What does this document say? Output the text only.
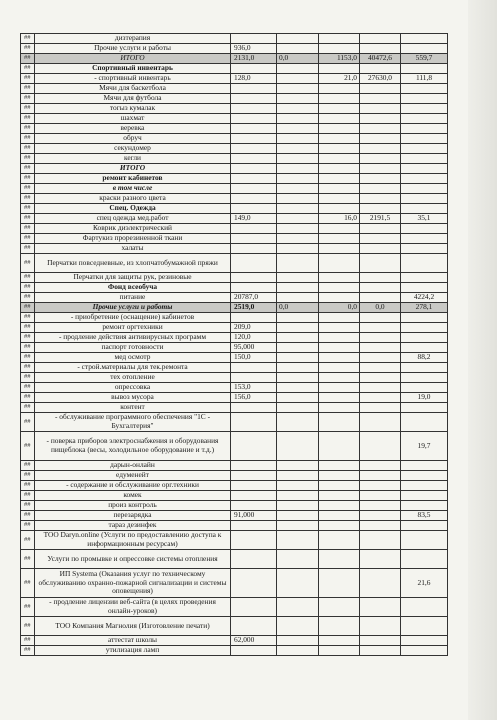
##	дизтерапия					
##	Прочие услуги и работы	936,0				
##	ИТОГО	2131,0	0,0	1153,0	40472,6	559,7
##	Спортивный инвентарь					
##	- спортивный инвентарь	128,0		21,0	27630,0	111,8
##	Мячи для баскетбола					
##	Мячи для футбола					
##	тогыз кумалак					
##	шахмат					
##	веревка					
##	обруч					
##	секундомер					
##	кегли					
##	ИТОГО					
##	ремонт кабинетов					
##	в том числе					
##	краски разного цвета					
##	Спец. Одежда					
##	спец одежда мед.работ	149,0		16,0	2191,5	35,1
##	Коврик диэлектрический					
##	Фартукиз прорезиненной ткани					
##	халаты					
##	Перчатки повседневные, из хлопчатобумажной пряжи					
##	Перчатки для защиты рук, резиновые					
##	Фонд всеобуча					
##	питание	20787,0				4224,2
##	Прочие услуги и работы	2519,0	0,0	0,0	0,0	278,1
##	- приобретение (оснащение) кабинетов					
##	ремонт оргтехники	209,0				
##	- продление действия антивирусных программ	120,0				
##	паспорт готовности	95,000				
##	мед осмотр	150,0				88,2
##	- строй.материалы для тек.ремонта					
##	тех отопление					
##	опрессовка	153,0				
##	вывоз мусора	156,0				19,0
##	контент					
##	- обслуживание программного обеспечения "1С - Бухгалтерия"					
##	- поверка приборов электроснабжения и оборудования пищеблока (весы, холодильное оборудование и т.д.)					19,7
##	дарын-онлайн					
##	едуменейт					
##	- содержание и обслуживание орг.техники					
##	комек					
##	произ контроль					
##	перезарядка	91,000				83,5
##	тараз дезинфек					
##	ТОО Daryn.online (Услуги по предоставлению доступа к информационным ресурсам)					
##	Услуги по промывке и опрессовке системы отопления					
##	ИП Systema (Оказания услуг по техническому обслуживанию охранно-пожарной сигнализации и системы оповещения)					21,6
##	- продление лицензии веб-сайта (в целях проведения онлайн-уроков)					
##	ТОО Компания Магнолия (Изготовление печати)					
##	аттестат школы	62,000				
##	утилизация ламп					
